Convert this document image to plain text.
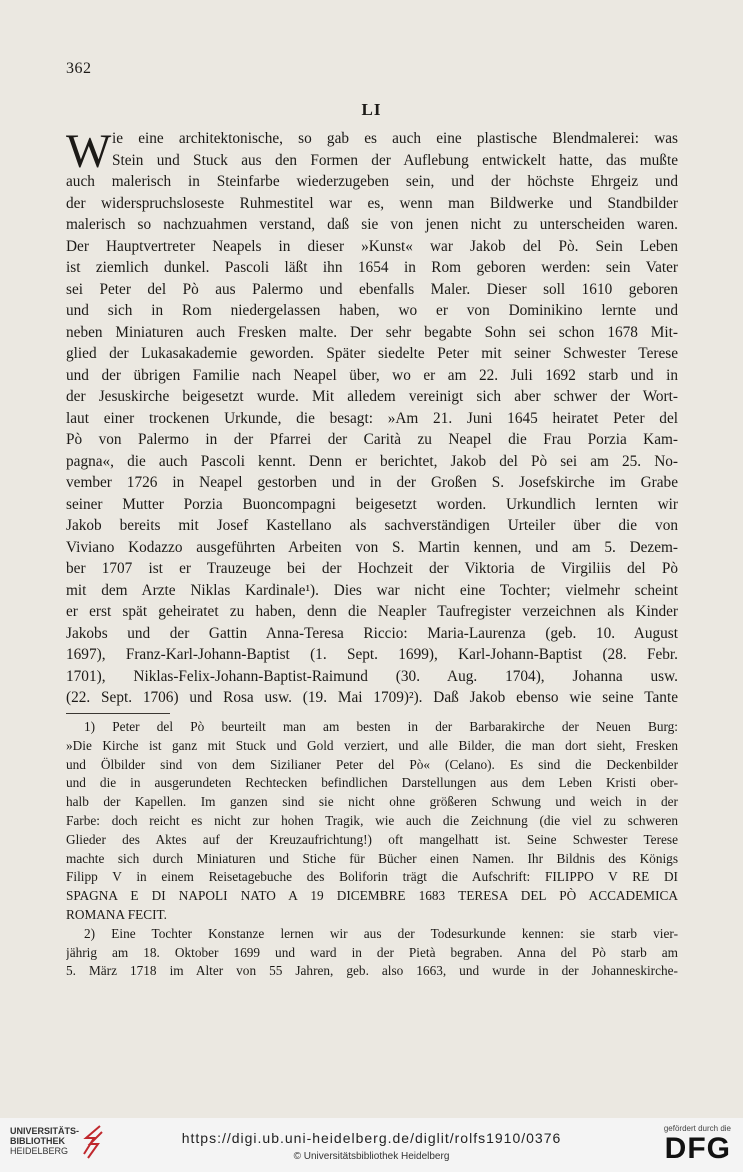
362
LI
W ie eine architektonische, so gab es auch eine plastische Blendmalerei: was
Stein und Stuck aus den Formen der Auflebung entwickelt hatte, das mußte
auch malerisch in Steinfarbe wiederzugeben sein, und der höchste Ehrgeiz und
der widerspruchsloseste Ruhmestitel war es, wenn man Bildwerke und Standbilder
malerisch so nachzuahmen verstand, daß sie von jenen nicht zu unterscheiden waren.
Der Hauptvertreter Neapels in dieser »Kunst« war Jakob del Pò. Sein Leben
ist ziemlich dunkel. Pascoli läßt ihn 1654 in Rom geboren werden: sein Vater
sei Peter del Pò aus Palermo und ebenfalls Maler. Dieser soll 1610 geboren
und sich in Rom niedergelassen haben, wo er von Dominikino lernte und
neben Miniaturen auch Fresken malte. Der sehr begabte Sohn sei schon 1678 Mit-
glied der Lukasakademie geworden. Später siedelte Peter mit seiner Schwester Terese
und der übrigen Familie nach Neapel über, wo er am 22. Juli 1692 starb und in
der Jesuskirche beigesetzt wurde. Mit alledem vereinigt sich aber schwer der Wort-
laut einer trockenen Urkunde, die besagt: »Am 21. Juni 1645 heiratet Peter del
Pò von Palermo in der Pfarrei der Carità zu Neapel die Frau Porzia Kam-
pagna«, die auch Pascoli kennt. Denn er berichtet, Jakob del Pò sei am 25. No-
vember 1726 in Neapel gestorben und in der Großen S. Josefskirche im Grabe
seiner Mutter Porzia Buoncompagni beigesetzt worden. Urkundlich lernten wir
Jakob bereits mit Josef Kastellano als sachverständigen Urteiler über die von
Viviano Kodazzo ausgeführten Arbeiten von S. Martin kennen, und am 5. Dezem-
ber 1707 ist er Trauzeuge bei der Hochzeit der Viktoria de Virgiliis del Pò
mit dem Arzte Niklas Kardinale¹). Dies war nicht eine Tochter; vielmehr scheint
er erst spät geheiratet zu haben, denn die Neapler Taufregister verzeichnen als Kinder
Jakobs und der Gattin Anna-Teresa Riccio: Maria-Laurenza (geb. 10. August
1697), Franz-Karl-Johann-Baptist (1. Sept. 1699), Karl-Johann-Baptist (28. Febr.
1701), Niklas-Felix-Johann-Baptist-Raimund (30. Aug. 1704), Johanna usw.
(22. Sept. 1706) und Rosa usw. (19. Mai 1709)²). Daß Jakob ebenso wie seine Tante
1) Peter del Pò beurteilt man am besten in der Barbarakirche der Neuen Burg:
»Die Kirche ist ganz mit Stuck und Gold verziert, und alle Bilder, die man dort sieht, Fresken
und Ölbilder sind von dem Sizilianer Peter del Pò« (Celano). Es sind die Deckenbilder
und die in ausgerundeten Rechtecken befindlichen Darstellungen aus dem Leben Kristi ober-
halb der Kapellen. Im ganzen sind sie nicht ohne größeren Schwung und weich in der
Farbe: doch reicht es nicht zur hohen Tragik, wie auch die Zeichnung (die viel zu schweren
Glieder des Aktes auf der Kreuzaufrichtung!) oft mangelhatt ist. Seine Schwester Terese
machte sich durch Miniaturen und Stiche für Bücher einen Namen. Ihr Bildnis des Königs
Filipp V in einem Reisetagebuche des Boliforin trägt die Aufschrift: FILIPPO V RE DI
SPAGNA E DI NAPOLI NATO A 19 DICEMBRE 1683 TERESA DEL PÒ ACCADEMICA
ROMANA FECIT.
2) Eine Tochter Konstanze lernen wir aus der Todesurkunde kennen: sie starb vier-
jährig am 18. Oktober 1699 und ward in der Pietà begraben. Anna del Pò starb am
5. März 1718 im Alter von 55 Jahren, geb. also 1663, und wurde in der Johanneskirche-
UNIVERSITÄTS-
BIBLIOTHEK
HEIDELBERG
https://digi.ub.uni-heidelberg.de/diglit/rolfs1910/0376
© Universitätsbibliothek Heidelberg
gefördert durch die
DFG
